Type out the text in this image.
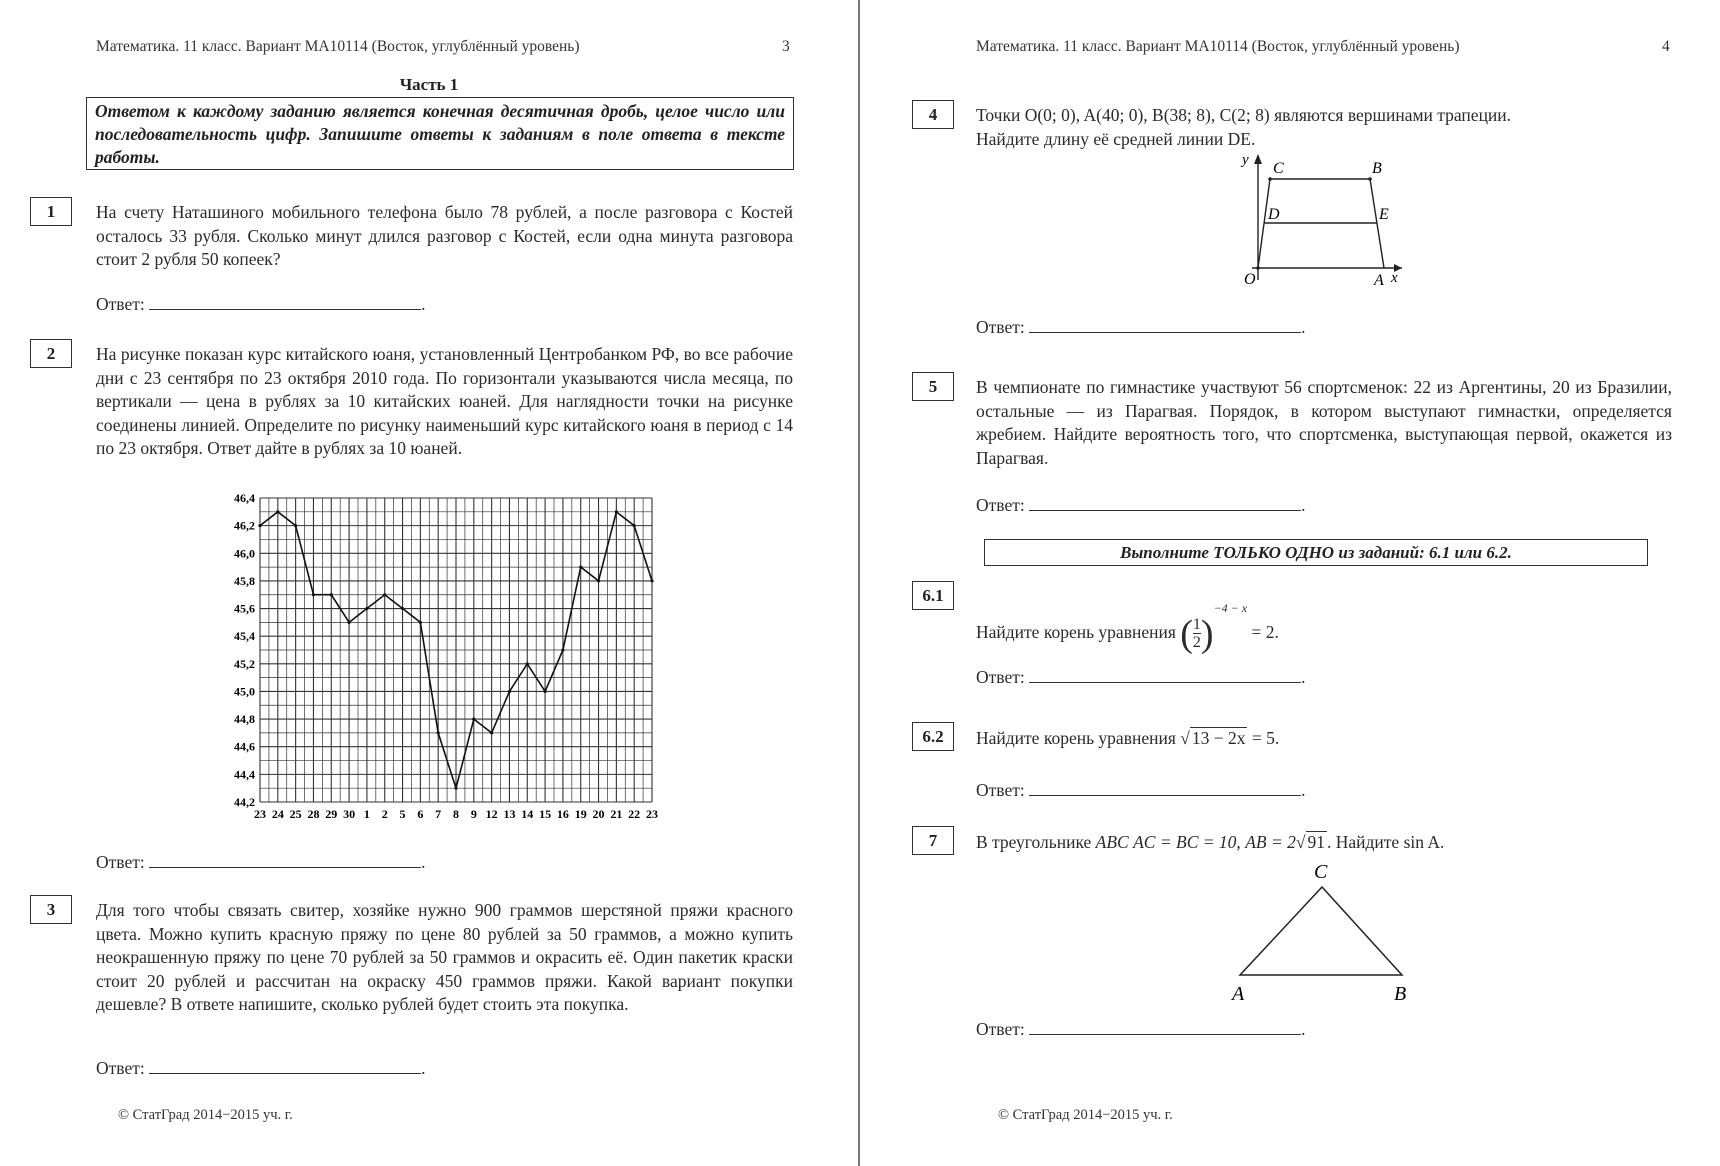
Математика. 11 класс. Вариант МА10114 (Восток, углублённый уровень)	3
Часть 1
Ответом к каждому заданию является конечная десятичная дробь, целое число или последовательность цифр. Запишите ответы к заданиям в поле ответа в тексте работы.
1	На счету Наташиного мобильного телефона было 78 рублей, а после разговора с Костей осталось 33 рубля. Сколько минут длился разговор с Костей, если одна минута разговора стоит 2 рубля 50 копеек?
Ответ:	.
2	На рисунке показан курс китайского юаня, установленный Центробанком РФ, во все рабочие дни с 23 сентября по 23 октября 2010 года. По горизонтали указываются числа месяца, по вертикали — цена в рублях за 10 китайских юаней. Для наглядности точки на рисунке соединены линией. Определите по рисунку наименьший курс китайского юаня в период с 14 по 23 октября. Ответ дайте в рублях за 10 юаней.
44,2
44,4
44,6
44,8
45,0
45,2
45,4
45,6
45,8
46,0
46,2
46,4
23 24 25 28 29 30 1 2 5 6 7 8 9 12 13 14 15 16 19 20 21 22 23
Ответ:	.
3	Для того чтобы связать свитер, хозяйке нужно 900 граммов шерстяной пряжи красного цвета. Можно купить красную пряжу по цене 80 рублей за 50 граммов, а можно купить неокрашенную пряжу по цене 70 рублей за 50 граммов и окрасить её. Один пакетик краски стоит 20 рублей и рассчитан на окраску 450 граммов пряжи. Какой вариант покупки дешевле? В ответе напишите, сколько рублей будет стоить эта покупка.
Ответ:	.
© СтатГрад 2014−2015 уч. г.
Математика. 11 класс. Вариант МА10114 (Восток, углублённый уровень)	4
4	Точки O(0; 0), A(40; 0), B(38; 8), C(2; 8) являются вершинами трапеции.
Найдите длину её средней линии DE.
y
x
C	B
D	E
O	A
Ответ:	.
5	В чемпионате по гимнастике участвуют 56 спортсменок: 22 из Аргентины, 20 из Бразилии, остальные — из Парагвая. Порядок, в котором выступают гимнастки, определяется жребием. Найдите вероятность того, что спортсменка, выступающая первой, окажется из Парагвая.
Ответ:	.
Выполните ТОЛЬКО ОДНО из заданий: 6.1 или 6.2.
6.1
Найдите корень уравнения ( $\frac{1}{2} )^{-4 - x} = 2$.
Ответ:	.
6.2	Найдите корень уравнения √ 13 − 2x = 5.
Ответ:	.
7	В треугольнике ABC AC = BC = 10, AB = 2√ 91 . Найдите sin A.
A	B
C
Ответ:	.
© СтатГрад 2014−2015 уч. г.
